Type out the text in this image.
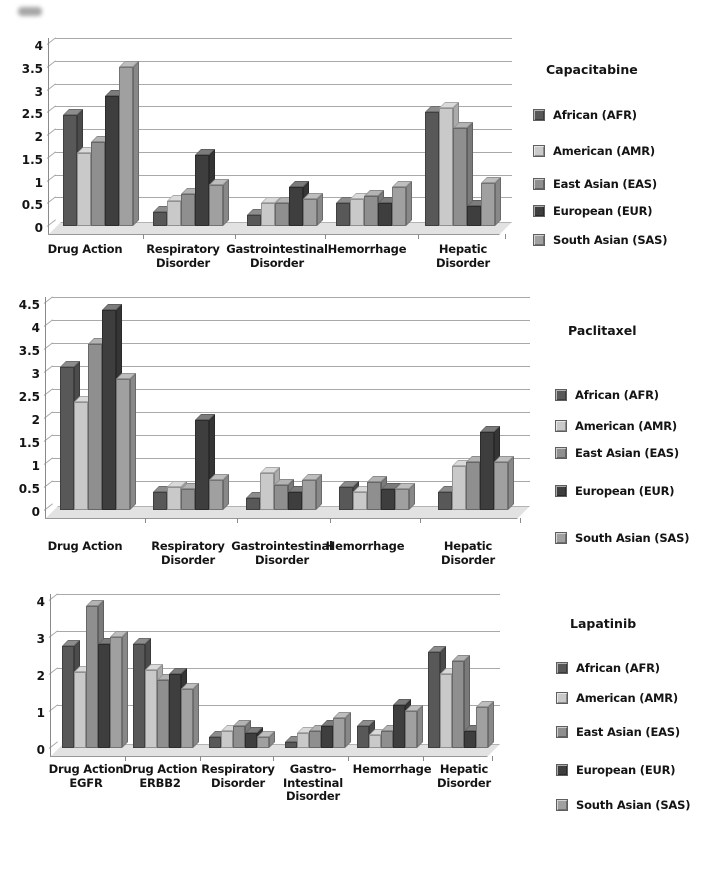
Capacitabine
Paclitaxel
Lapatinib
4
3.5
3
2.5
2
1.5
1
0.5
0
Drug Action	Respiratory
Disorder
Gastrointestinal
Disorder
Hemorrhage	Hepatic
Disorder
African (AFR)
American (AMR)
East Asian (EAS)
European (EUR)
South Asian (SAS)
4.5
4
3.5
3
2.5
2
1.5
1
0.5
0
Drug Action	Respiratory
Disorder
Gastrointestinal
Disorder
Hemorrhage	Hepatic
Disorder
African (AFR)
American (AMR)
East Asian (EAS)
European (EUR)
South Asian (SAS)
4
3
2
1
0
Drug Action
EGFR
Drug Action
ERBB2
Respiratory
Disorder
Gastro-
Intestinal
Disorder
Hemorrhage Hepatic
Disorder
African (AFR)
American (AMR)
East Asian (EAS)
European (EUR)
South Asian (SAS)
